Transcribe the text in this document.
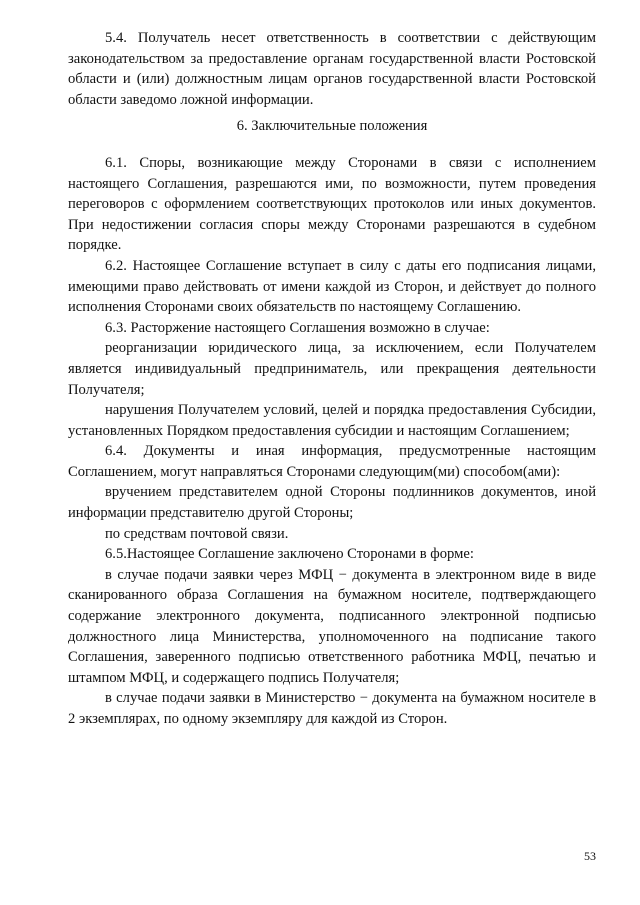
5.4. Получатель несет ответственность в соответствии с действующим законодательством за предоставление органам государственной власти Ростовской области и (или) должностным лицам органов государственной власти Ростовской области заведомо ложной информации.

6. Заключительные положения

6.1. Споры, возникающие между Сторонами в связи с исполнением настоящего Соглашения, разрешаются ими, по возможности, путем проведения переговоров с оформлением соответствующих протоколов или иных документов. При недостижении согласия споры между Сторонами разрешаются в судебном порядке.

6.2. Настоящее Соглашение вступает в силу с даты его подписания лицами, имеющими право действовать от имени каждой из Сторон, и действует до полного исполнения Сторонами своих обязательств по настоящему Соглашению.

6.3. Расторжение настоящего Соглашения возможно в случае:

реорганизации юридического лица, за исключением, если Получателем является индивидуальный предприниматель, или прекращения деятельности Получателя;

нарушения Получателем условий, целей и порядка предоставления Субсидии, установленных Порядком предоставления субсидии и настоящим Соглашением;

6.4. Документы и иная информация, предусмотренные настоящим Соглашением, могут направляться Сторонами следующим(ми) способом(ами):

вручением представителем одной Стороны подлинников документов, иной информации представителю другой Стороны;

по средствам почтовой связи.

6.5.Настоящее Соглашение заключено Сторонами в форме:

в случае подачи заявки через МФЦ − документа в электронном виде в виде сканированного образа Соглашения на бумажном носителе, подтверждающего содержание электронного документа, подписанного электронной подписью должностного лица Министерства, уполномоченного на подписание такого Соглашения, заверенного подписью ответственного работника МФЦ, печатью и штампом МФЦ, и содержащего подпись Получателя;

в случае подачи заявки в Министерство − документа на бумажном носителе в 2 экземплярах, по одному экземпляру для каждой из Сторон.

53
